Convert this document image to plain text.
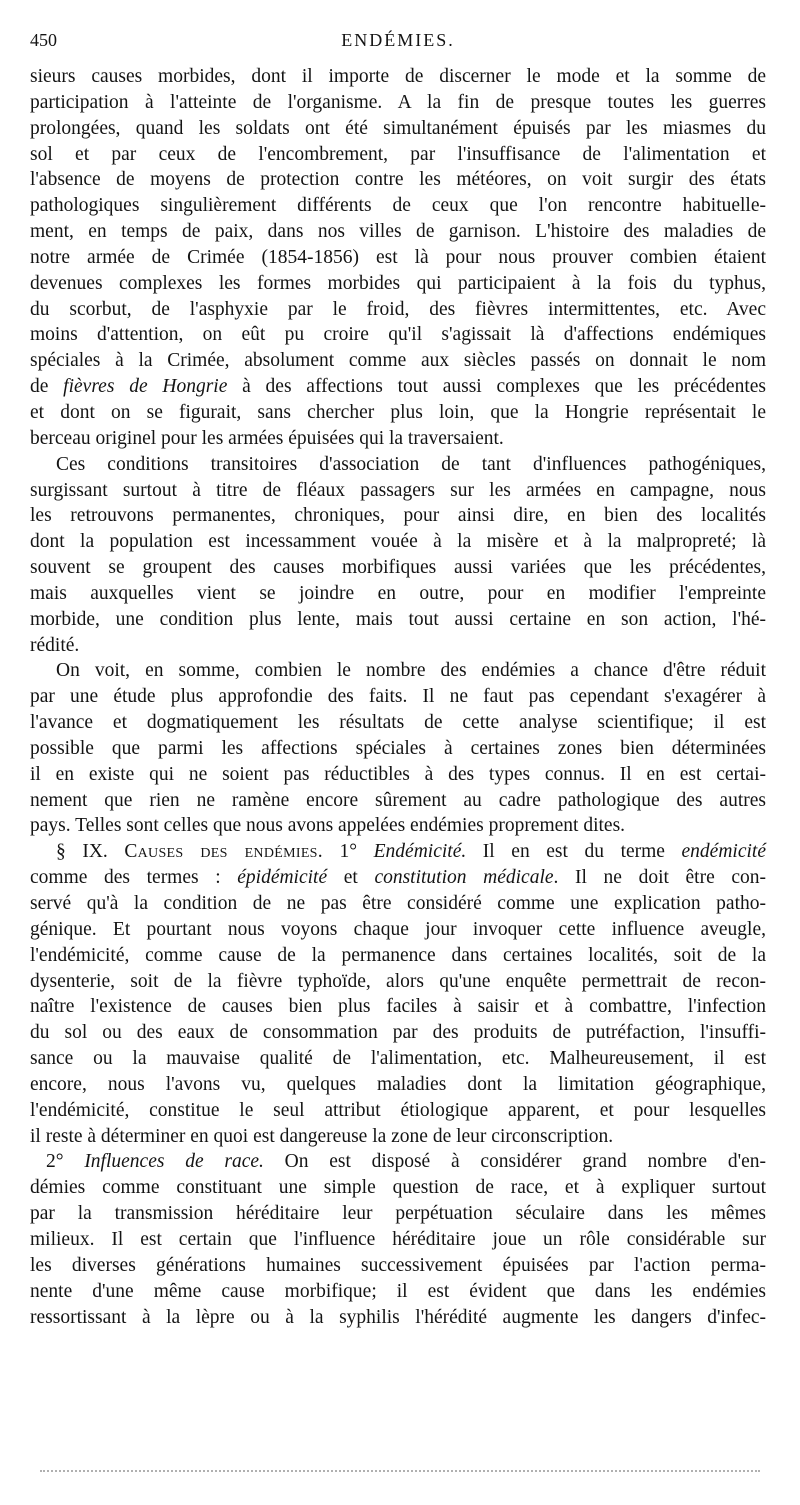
450	ENDÉMIES.
sieurs causes morbides, dont il importe de discerner le mode et la somme de
participation à l'atteinte de l'organisme. A la fin de presque toutes les guerres
prolongées, quand les soldats ont été simultanément épuisés par les miasmes du
sol et par ceux de l'encombrement, par l'insuffisance de l'alimentation et
l'absence de moyens de protection contre les météores, on voit surgir des états
pathologiques singulièrement différents de ceux que l'on rencontre habituelle-
ment, en temps de paix, dans nos villes de garnison. L'histoire des maladies de
notre armée de Crimée (1854-1856) est là pour nous prouver combien étaient
devenues complexes les formes morbides qui participaient à la fois du typhus,
du scorbut, de l'asphyxie par le froid, des fièvres intermittentes, etc. Avec
moins d'attention, on eût pu croire qu'il s'agissait là d'affections endémiques
spéciales à la Crimée, absolument comme aux siècles passés on donnait le nom
de fièvres de Hongrie à des affections tout aussi complexes que les précédentes
et dont on se figurait, sans chercher plus loin, que la Hongrie représentait le
berceau originel pour les armées épuisées qui la traversaient.
Ces conditions transitoires d'association de tant d'influences pathogéniques,
surgissant surtout à titre de fléaux passagers sur les armées en campagne, nous
les retrouvons permanentes, chroniques, pour ainsi dire, en bien des localités
dont la population est incessamment vouée à la misère et à la malpropreté; là
souvent se groupent des causes morbifiques aussi variées que les précédentes,
mais auxquelles vient se joindre en outre, pour en modifier l'empreinte
morbide, une condition plus lente, mais tout aussi certaine en son action, l'hé-
rédité.
On voit, en somme, combien le nombre des endémies a chance d'être réduit
par une étude plus approfondie des faits. Il ne faut pas cependant s'exagérer à
l'avance et dogmatiquement les résultats de cette analyse scientifique; il est
possible que parmi les affections spéciales à certaines zones bien déterminées
il en existe qui ne soient pas réductibles à des types connus. Il en est certai-
nement que rien ne ramène encore sûrement au cadre pathologique des autres
pays. Telles sont celles que nous avons appelées endémies proprement dites.
§ IX. Causes des endémies. 1° Endémicité. Il en est du terme endémicité
comme des termes : épidémicité et constitution médicale. Il ne doit être con-
servé qu'à la condition de ne pas être considéré comme une explication patho-
génique. Et pourtant nous voyons chaque jour invoquer cette influence aveugle,
l'endémicité, comme cause de la permanence dans certaines localités, soit de la
dysenterie, soit de la fièvre typhoïde, alors qu'une enquête permettrait de recon-
naître l'existence de causes bien plus faciles à saisir et à combattre, l'infection
du sol ou des eaux de consommation par des produits de putréfaction, l'insuffi-
sance ou la mauvaise qualité de l'alimentation, etc. Malheureusement, il est
encore, nous l'avons vu, quelques maladies dont la limitation géographique,
l'endémicité, constitue le seul attribut étiologique apparent, et pour lesquelles
il reste à déterminer en quoi est dangereuse la zone de leur circonscription.
2° Influences de race. On est disposé à considérer grand nombre d'en-
démies comme constituant une simple question de race, et à expliquer surtout
par la transmission héréditaire leur perpétuation séculaire dans les mêmes
milieux. Il est certain que l'influence héréditaire joue un rôle considérable sur
les diverses générations humaines successivement épuisées par l'action perma-
nente d'une même cause morbifique; il est évident que dans les endémies
ressortissant à la lèpre ou à la syphilis l'hérédité augmente les dangers d'infec-
